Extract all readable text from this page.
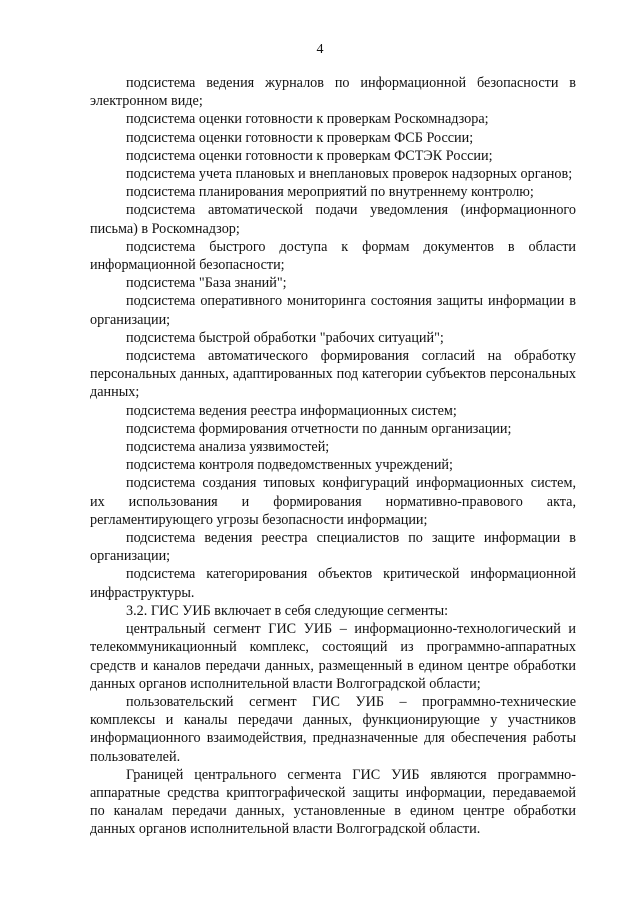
4

подсистема ведения журналов по информационной безопасности в электронном виде;

подсистема оценки готовности к проверкам Роскомнадзора;

подсистема оценки готовности к проверкам ФСБ России;

подсистема оценки готовности к проверкам ФСТЭК России;

подсистема учета плановых и внеплановых проверок надзорных органов;

подсистема планирования мероприятий по внутреннему контролю;

подсистема автоматической подачи уведомления (информационного письма) в Роскомнадзор;

подсистема быстрого доступа к формам документов в области информационной безопасности;

подсистема "База знаний";

подсистема оперативного мониторинга состояния защиты информации в организации;

подсистема быстрой обработки "рабочих ситуаций";

подсистема автоматического формирования согласий на обработку персональных данных, адаптированных под категории субъектов персональных данных;

подсистема ведения реестра информационных систем;

подсистема формирования отчетности по данным организации;

подсистема анализа уязвимостей;

подсистема контроля подведомственных учреждений;

подсистема создания типовых конфигураций информационных систем, их использования и формирования нормативно-правового акта, регламентирующего угрозы безопасности информации;

подсистема ведения реестра специалистов по защите информации в организации;

подсистема категорирования объектов критической информационной инфраструктуры.

3.2. ГИС УИБ включает в себя следующие сегменты:

центральный сегмент ГИС УИБ – информационно-технологический и телекоммуникационный комплекс, состоящий из программно-аппаратных средств и каналов передачи данных, размещенный в едином центре обработки данных органов исполнительной власти Волгоградской области;

пользовательский сегмент ГИС УИБ – программно-технические комплексы и каналы передачи данных, функционирующие у участников информационного взаимодействия, предназначенные для обеспечения работы пользователей.

Границей центрального сегмента ГИС УИБ являются программно-аппаратные средства криптографической защиты информации, передаваемой по каналам передачи данных, установленные в едином центре обработки данных органов исполнительной власти Волгоградской области.
